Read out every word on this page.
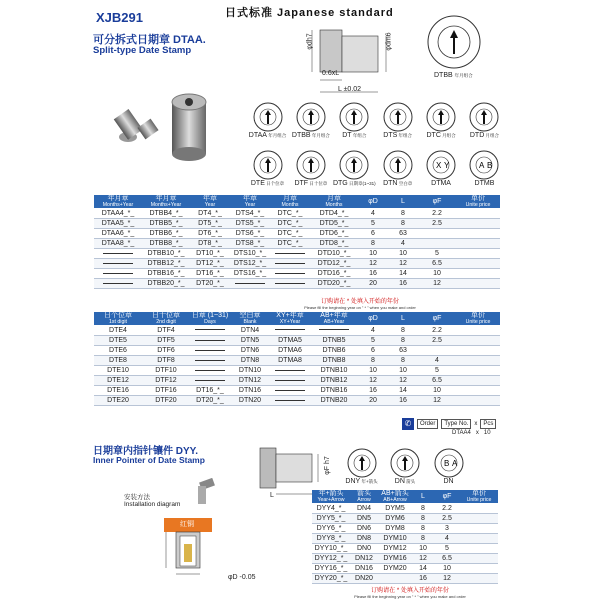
XJB291	日式标准 Japanese standard
可分拆式日期章 DTAA.
Split-type Date Stamp
φdh7	φdm6
0.6xL
L ±0.02
DTBB 年月组合
DTAA 年月组合 DTBB 年月组合 DT 年组合 DTS 年组合 DTC 月组合 DTD 月组合
DTE 日个位章 DTF 日十位章 DTG 日期章(1~31) DTN 空白章
X Y
DTMA
A B
DTMB
年月章
Months+Year	年月章
Months+Year	年章
Year	年章
Year	月章
Months	月章
Months	φD	L	φF	单价
Unite price

DTAA4_*_	DTBB4_*_	DT4_*_	DTS4_*_	DTC_*_	DTD4_*_	4	8	2.2	
DTAA5_*_	DTBB5_*_	DT5_*_	DTS5_*_	DTC_*_	DTD5_*_	5	8	2.5	
DTAA6_*_	DTBB6_*_	DT6_*_	DTS6_*_	DTC_*_	DTD6_*_	6	63		
DTAA8_*_	DTBB8_*_	DT8_*_	DTS8_*_	DTC_*_	DTD8_*_	8	4		
	DTBB10_*_	DT10_*_	DTS10_*_		DTD10_*_	10	10	5	
	DTBB12_*_	DT12_*_	DTS12_*_		DTD12_*_	12	12	6.5	
	DTBB16_*_	DT16_*_	DTS16_*_		DTD16_*_	16	14	10	
	DTBB20_*_	DT20_*_			DTD20_*_	20	16	12	
订购请在 * 处填入开始的年份
Please fill the beginning year on " * " when you make and order
日个位章
1st digit	日十位章
2nd digit	日章 (1~31)
Days	空白章
Blank	XY+年章
XY+Year	AB+年章
AB+Year	φD	L	φF	单价
Unite price

DTE4	DTF4		DTN4			4	8	2.2	
DTE5	DTF5		DTN5	DTMA5	DTNB5	5	8	2.5	
DTE6	DTF6		DTN6	DTMA6	DTNB6	6	63		
DTE8	DTF8		DTN8	DTMA8	DTNB8	8	8	4	
DTE10	DTF10		DTN10		DTNB10	10	10	5	
DTE12	DTF12		DTN12		DTNB12	12	12	6.5	
DTE16	DTF16	DT16_*_	DTN16		DTNB16	16	14	10	
DTE20	DTF20	DT20_*_	DTN20		DTNB20	20	16	12	
✆	Order	Type No.	x	Pcs
DTAA4 x 10
日期章内指针镶件 DYY.
Inner Pointer of Date Stamp	φF h7
L
DNY 年+箭头 DN 箭头
B A
DN
安装方法
Installation diagram
红铜
φD -0.05
年+箭头
Year+Arrow	箭头
Arrow	AB+箭头
AB+Arrow	L	φF	单价
Unite price

DYY4_*_	DN4	DYM5	8	2.2	
DYY5_*_	DN5	DYM6	8	2.5	
DYY6_*_	DN6	DYM8	8	3	
DYY8_*_	DN8	DYM10	8	4	
DYY10_*_	DN0	DYM12	10	5	
DYY12_*_	DN12	DYM16	12	6.5	
DYY16_*_	DN16	DYM20	14	10	
DYY20_*_	DN20		16	12	
订购请在 * 处填入开始的年份
Please fill the beginning year on " * " when you make and order
